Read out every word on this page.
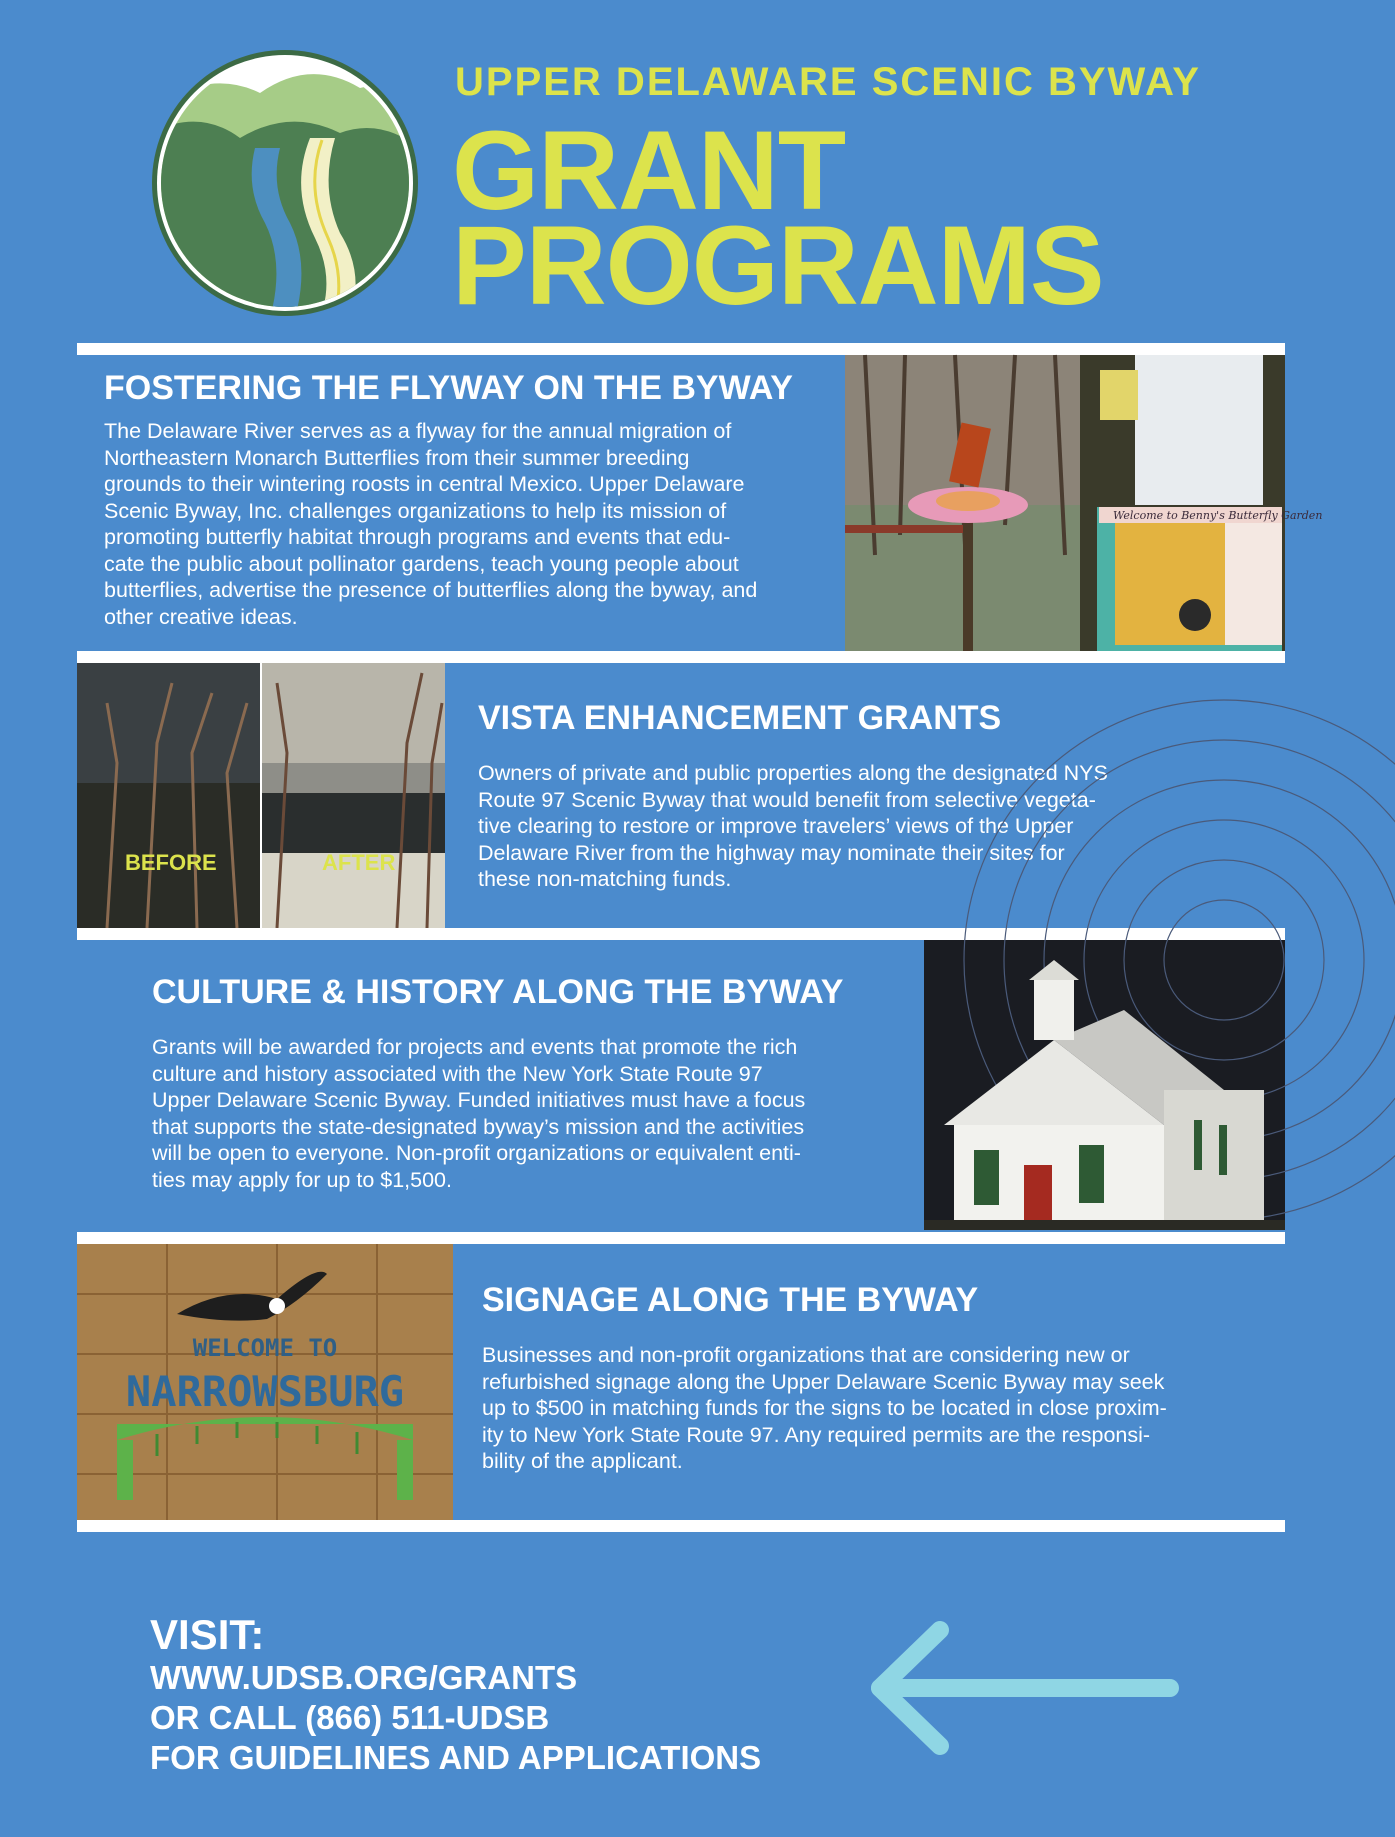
UPPER DELAWARE SCENIC BYWAY
GRANT
PROGRAMS
FOSTERING THE FLYWAY ON THE BYWAY
The Delaware River serves as a flyway for the annual migration of
Northeastern Monarch Butterflies from their summer breeding
grounds to their wintering roosts in central Mexico. Upper Delaware
Scenic Byway, Inc. challenges organizations to help its mission of
promoting butterfly habitat through programs and events that edu-
cate the public about pollinator gardens, teach young people about
butterflies, advertise the presence of butterflies along the byway, and
other creative ideas.
Welcome to Benny's Butterfly Garden
BEFORE	AFTER
VISTA ENHANCEMENT GRANTS
Owners of private and public properties along the designated NYS
Route 97 Scenic Byway that would benefit from selective vegeta-
tive clearing to restore or improve travelers’ views of the Upper
Delaware River from the highway may nominate their sites for
these non-matching funds.
CULTURE & HISTORY ALONG THE BYWAY
Grants will be awarded for projects and events that promote the rich
culture and history associated with the New York State Route 97
Upper Delaware Scenic Byway. Funded initiatives must have a focus
that supports the state-designated byway’s mission and the activities
will be open to everyone. Non-profit organizations or equivalent enti-
ties may apply for up to $1,500.
WELCOME TO
NARROWSBURG
SIGNAGE ALONG THE BYWAY
Businesses and non-profit organizations that are considering new or
refurbished signage along the Upper Delaware Scenic Byway may seek
up to $500 in matching funds for the signs to be located in close proxim-
ity to New York State Route 97. Any required permits are the responsi-
bility of the applicant.
VISIT:
WWW.UDSB.ORG/GRANTS
OR CALL (866) 511-UDSB
FOR GUIDELINES AND APPLICATIONS
